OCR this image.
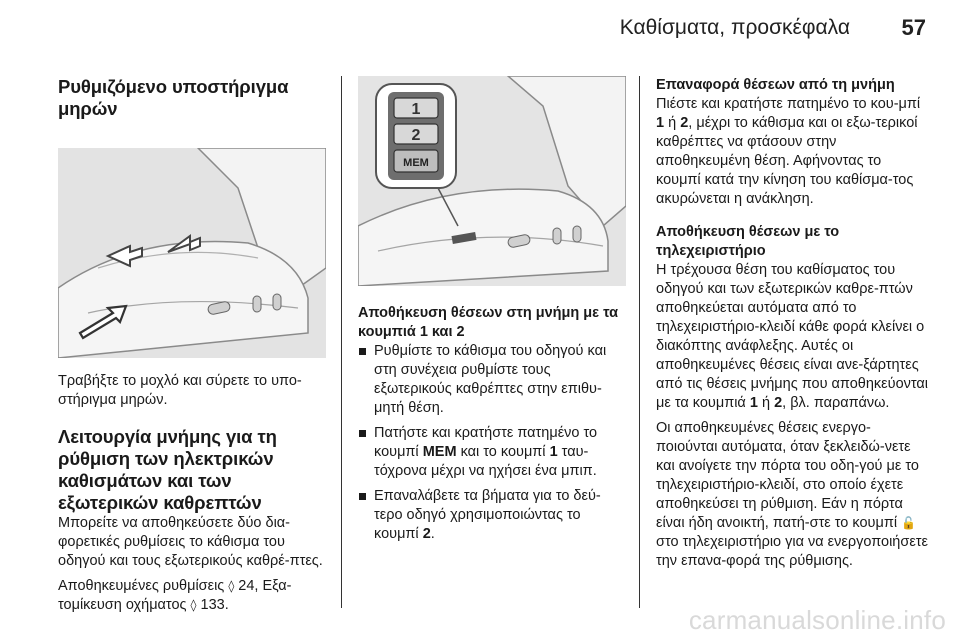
Καθίσματα, προσκέφαλα 57
Ρυθμιζόμενο υποστήριγμα μηρών

Τραβήξτε το μοχλό και σύρετε το υπο-στήριγμα μηρών.

Λειτουργία μνήμης για τη ρύθμιση των ηλεκτρικών καθισμάτων και των εξωτερικών καθρεπτών

Μπορείτε να αποθηκεύσετε δύο δια-φορετικές ρυθμίσεις το κάθισμα του οδηγού και τους εξωτερικούς καθρέ-πτες.

Αποθηκευμένες ρυθμίσεις ◊ 24, Εξα-τομίκευση οχήματος ◊ 133.

1
2
MEM
Αποθήκευση θέσεων στη μνήμη με τα κουμπιά 1 και 2
Ρυθμίστε το κάθισμα του οδηγού και στη συνέχεια ρυθμίστε τους εξωτερικούς καθρέπτες στην επιθυ-μητή θέση.
Πατήστε και κρατήστε πατημένο το κουμπί MEM και το κουμπί 1 ταυ-τόχρονα μέχρι να ηχήσει ένα μπιπ.
Επαναλάβετε τα βήματα για το δεύ-τερο οδηγό χρησιμοποιώντας το κουμπί 2.
Επαναφορά θέσεων από τη μνήμη

Πιέστε και κρατήστε πατημένο το κου-μπί 1 ή 2, μέχρι το κάθισμα και οι εξω-τερικοί καθρέπτες να φτάσουν στην αποθηκευμένη θέση. Αφήνοντας το κουμπί κατά την κίνηση του καθίσμα-τος ακυρώνεται η ανάκληση.

Αποθήκευση θέσεων με το τηλεχειριστήριο

Η τρέχουσα θέση του καθίσματος του οδηγού και των εξωτερικών καθρε-πτών αποθηκεύεται αυτόματα από το τηλεχειριστήριο-κλειδί κάθε φορά κλείνει ο διακόπτης ανάφλεξης. Αυτές οι αποθηκευμένες θέσεις είναι ανε-ξάρτητες από τις θέσεις μνήμης που αποθηκεύονται με τα κουμπιά 1 ή 2, βλ. παραπάνω.

Οι αποθηκευμένες θέσεις ενεργο-ποιούνται αυτόματα, όταν ξεκλειδώ-νετε και ανοίγετε την πόρτα του οδη-γού με το τηλεχειριστήριο-κλειδί, στο οποίο έχετε αποθηκεύσει τη ρύθμιση. Εάν η πόρτα είναι ήδη ανοικτή, πατή-στε το κουμπί 🔓 στο τηλεχειριστήριο για να ενεργοποιήσετε την επανα-φορά της ρύθμισης.

carmanualsonline.info
